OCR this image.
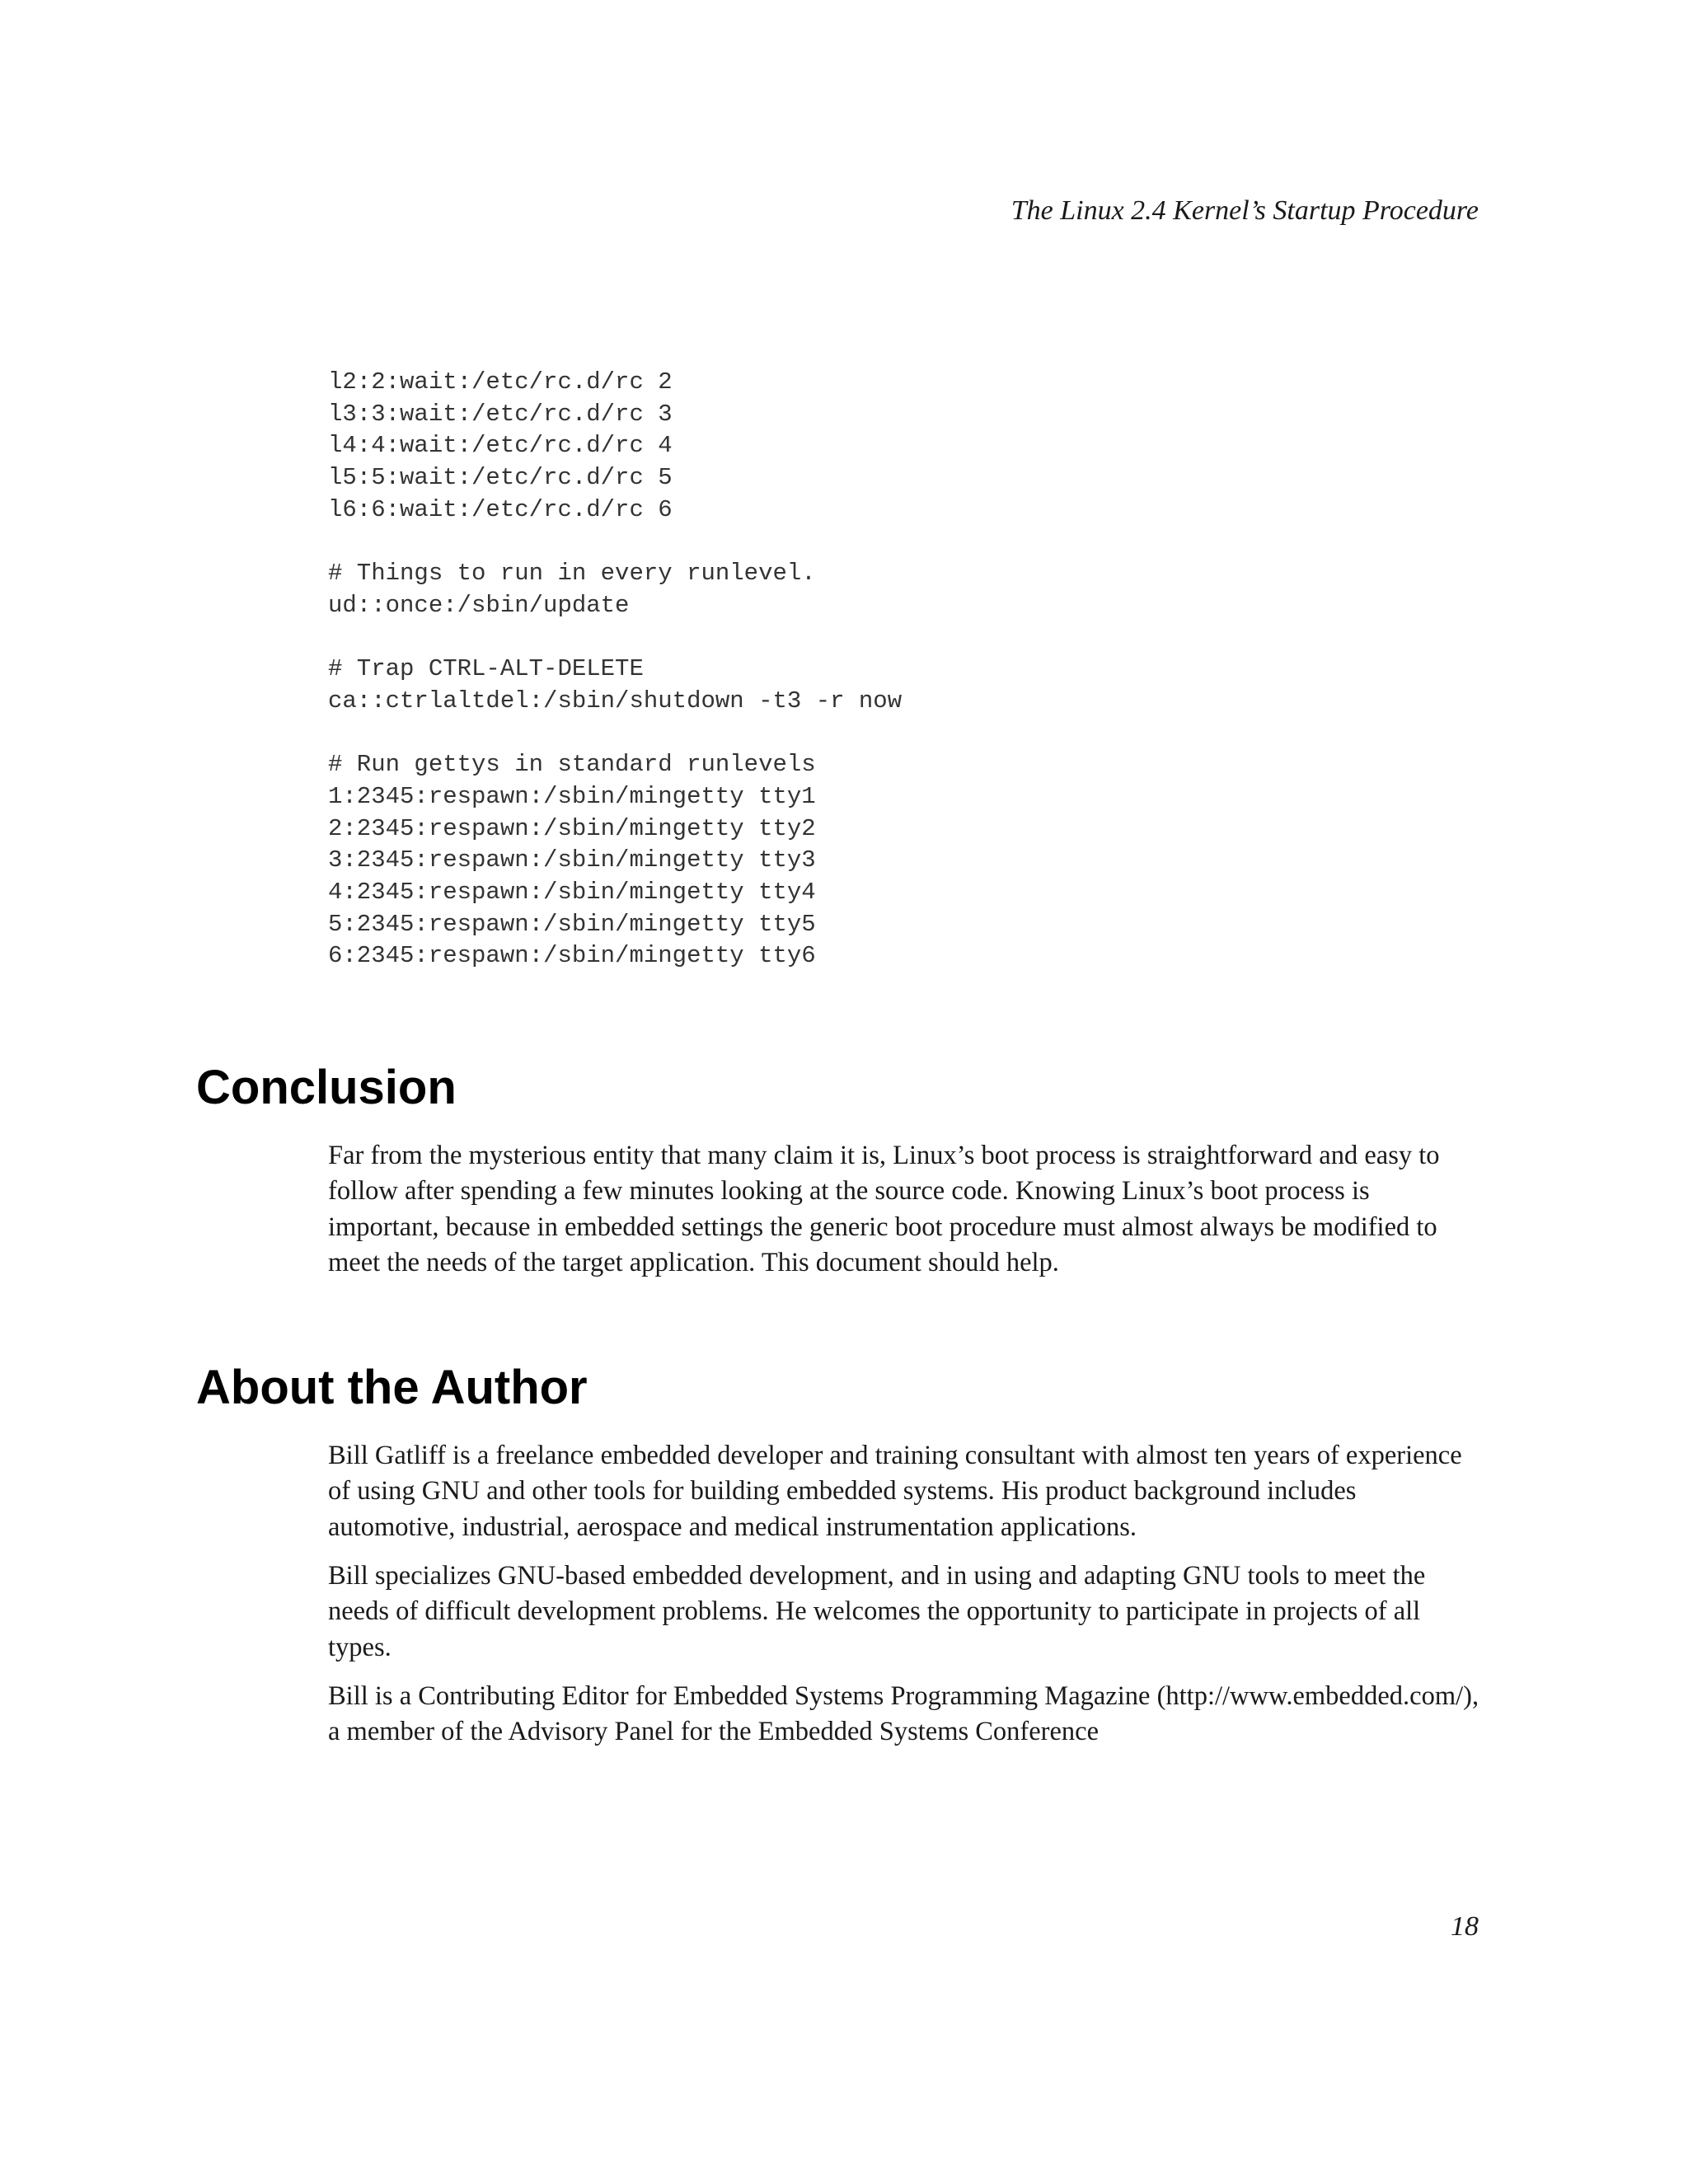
The Linux 2.4 Kernel’s Startup Procedure

l2:2:wait:/etc/rc.d/rc 2
l3:3:wait:/etc/rc.d/rc 3
l4:4:wait:/etc/rc.d/rc 4
l5:5:wait:/etc/rc.d/rc 5
l6:6:wait:/etc/rc.d/rc 6
# Things to run in every runlevel.
ud::once:/sbin/update
# Trap CTRL-ALT-DELETE
ca::ctrlaltdel:/sbin/shutdown -t3 -r now
# Run gettys in standard runlevels
1:2345:respawn:/sbin/mingetty tty1
2:2345:respawn:/sbin/mingetty tty2
3:2345:respawn:/sbin/mingetty tty3
4:2345:respawn:/sbin/mingetty tty4
5:2345:respawn:/sbin/mingetty tty5
6:2345:respawn:/sbin/mingetty tty6
Conclusion

Far from the mysterious entity that many claim it is, Linux’s boot process is straightforward and easy to follow after spending a few minutes looking at the source code. Knowing Linux’s boot process is important, because in embedded settings the generic boot procedure must almost always be modified to meet the needs of the target application. This document should help.

About the Author

Bill Gatliff is a freelance embedded developer and training consultant with almost ten years of experience of using GNU and other tools for building embedded systems. His product background includes automotive, industrial, aerospace and medical instrumentation applications.

Bill specializes GNU-based embedded development, and in using and adapting GNU tools to meet the needs of difficult development problems. He welcomes the opportunity to participate in projects of all types.

Bill is a Contributing Editor for Embedded Systems Programming Magazine (http://www.embedded.com/), a member of the Advisory Panel for the Embedded Systems Conference

18
